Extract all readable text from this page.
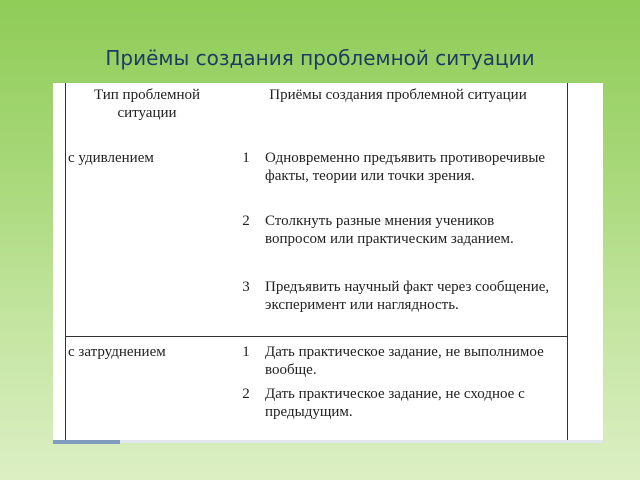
Приёмы создания проблемной ситуации
Тип проблемной ситуации
Приёмы создания проблемной ситуации
с удивлением	1 Одновременно предъявить противоречивые факты, теории или точки зрения.
2 Столкнуть разные мнения учеников вопросом или практическим заданием.
3 Предъявить научный факт через сообщение, эксперимент или наглядность.
с затруднением	1 Дать практическое задание, не выполнимое вообще.
2 Дать практическое задание, не сходное с предыдущим.
